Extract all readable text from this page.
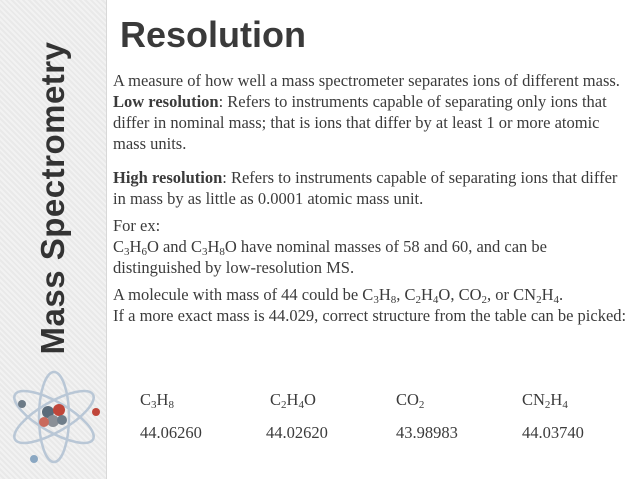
Mass Spectrometry
Resolution

A measure of how well a mass spectrometer separates ions of different mass.

Low resolution: Refers to instruments capable of separating only ions that differ in nominal mass; that is ions that differ by at least 1 or more atomic mass units.

High resolution: Refers to instruments capable of separating ions that differ in mass by as little as 0.0001 atomic mass unit.

For ex:

$C_3H_6O$ and $C_3H_8O$ have nominal masses of 58 and 60, and can be distinguished by low-resolution MS.

A molecule with mass of 44 could be $C_3H_8$, $C_2H_4O$, $CO_2$, or $CN_2H_4$.

If a more exact mass is 44.029, correct structure from the table can be picked:

$C_3H_8$
44.06260
$C_2H_4O$
44.02620
$CO_2$
43.98983
$CN_2H_4$
44.03740
